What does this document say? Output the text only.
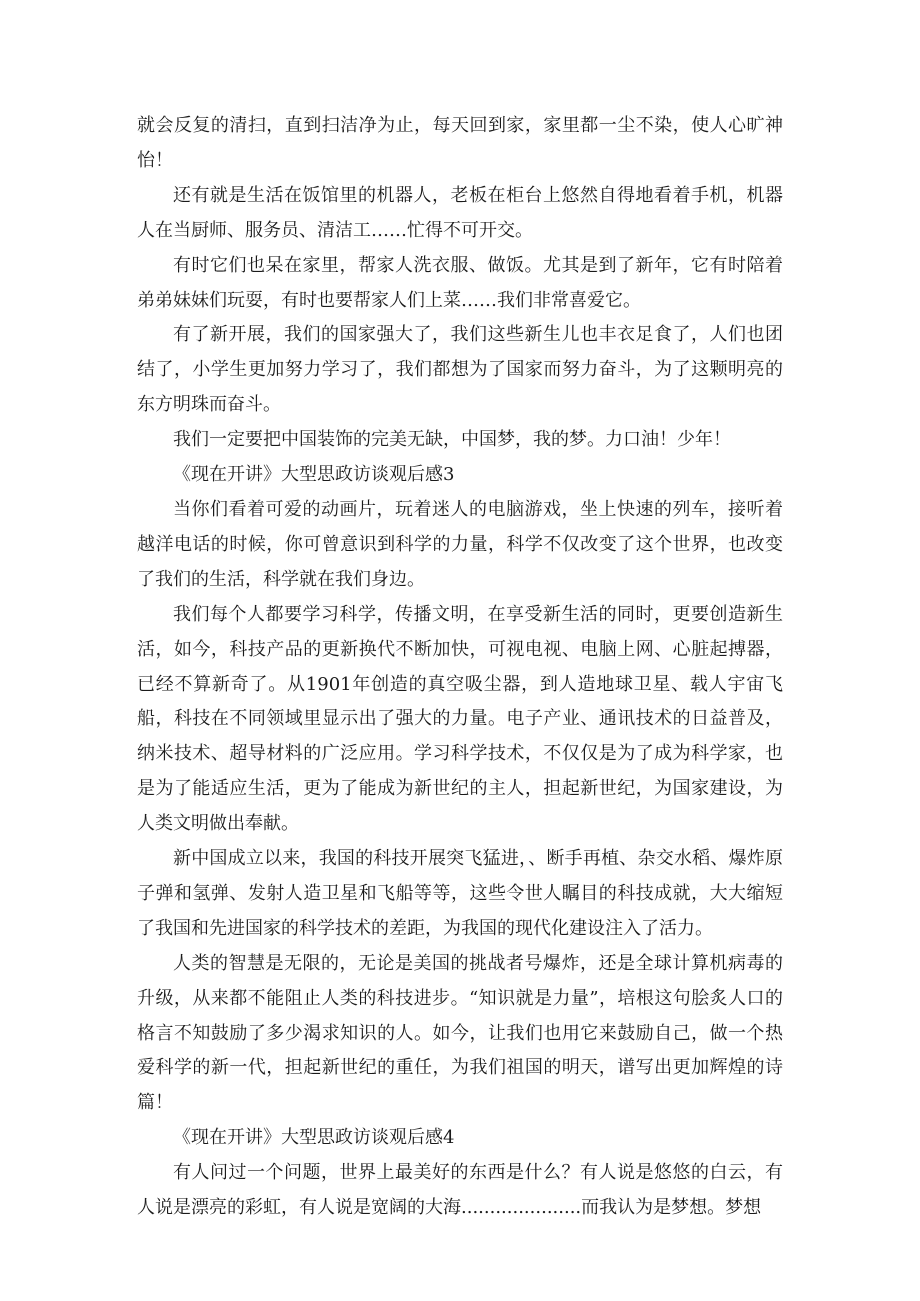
就会反复的清扫，直到扫洁净为止，每天回到家，家里都一尘不染，使人心旷神怡！

还有就是生活在饭馆里的机器人，老板在柜台上悠然自得地看着手机，机器人在当厨师、服务员、清洁工……忙得不可开交。

有时它们也呆在家里，帮家人洗衣服、做饭。尤其是到了新年，它有时陪着弟弟妹妹们玩耍，有时也要帮家人们上菜……我们非常喜爱它。

有了新开展，我们的国家强大了，我们这些新生儿也丰衣足食了，人们也团结了，小学生更加努力学习了，我们都想为了国家而努力奋斗，为了这颗明亮的东方明珠而奋斗。

我们一定要把中国装饰的完美无缺，中国梦，我的梦。力口油！少年！

《现在开讲》大型思政访谈观后感3

当你们看着可爱的动画片，玩着迷人的电脑游戏，坐上快速的列车，接听着越洋电话的时候，你可曾意识到科学的力量，科学不仅改变了这个世界，也改变了我们的生活，科学就在我们身边。

我们每个人都要学习科学，传播文明，在享受新生活的同时，更要创造新生活，如今，科技产品的更新换代不断加快，可视电视、电脑上网、心脏起搏器，已经不算新奇了。从1901年创造的真空吸尘器，到人造地球卫星、载人宇宙飞船，科技在不同领域里显示出了强大的力量。电子产业、通讯技术的日益普及，纳米技术、超导材料的广泛应用。学习科学技术，不仅仅是为了成为科学家，也是为了能适应生活，更为了能成为新世纪的主人，担起新世纪，为国家建设，为人类文明做出奉献。

新中国成立以来，我国的科技开展突飞猛进，、断手再植、杂交水稻、爆炸原子弹和氢弹、发射人造卫星和飞船等等，这些令世人瞩目的科技成就，大大缩短了我国和先进国家的科学技术的差距，为我国的现代化建设注入了活力。

人类的智慧是无限的，无论是美国的挑战者号爆炸，还是全球计算机病毒的升级，从来都不能阻止人类的科技进步。“知识就是力量”，培根这句脍炙人口的格言不知鼓励了多少渴求知识的人。如今，让我们也用它来鼓励自己，做一个热爱科学的新一代，担起新世纪的重任，为我们祖国的明天，谱写出更加辉煌的诗篇！

《现在开讲》大型思政访谈观后感4

有人问过一个问题，世界上最美好的东西是什么？有人说是悠悠的白云，有人说是漂亮的彩虹，有人说是宽阔的大海.....................而我认为是梦想。梦想
